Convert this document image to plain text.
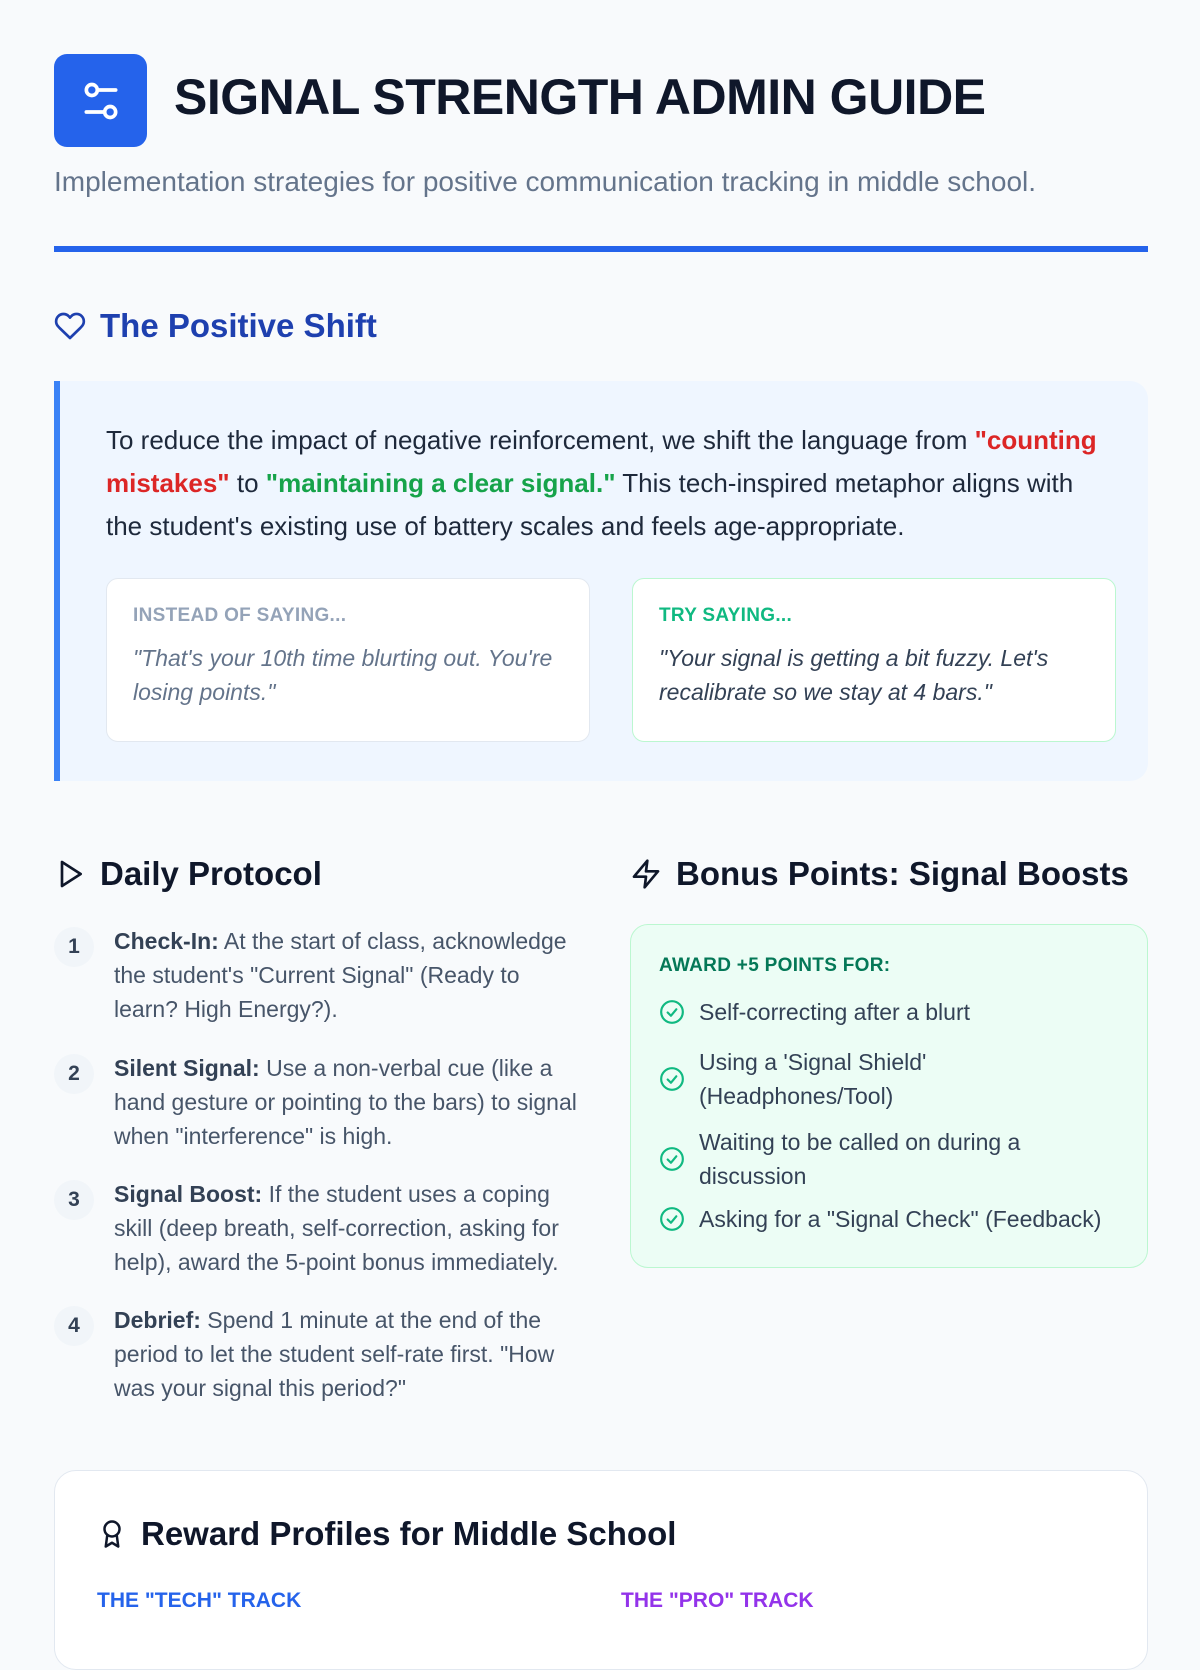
SIGNAL STRENGTH ADMIN GUIDE
Implementation strategies for positive communication tracking in middle school.
The Positive Shift

To reduce the impact of negative reinforcement, we shift the language from "counting mistakes" to "maintaining a clear signal." This tech-inspired metaphor aligns with the student's existing use of battery scales and feels age-appropriate.

INSTEAD OF SAYING...
"That's your 10th time blurting out. You're losing points."
TRY SAYING...
"Your signal is getting a bit fuzzy. Let's recalibrate so we stay at 4 bars."
Daily Protocol
1	Check-In: At the start of class, acknowledge the student's "Current Signal" (Ready to learn? High Energy?).
2	Silent Signal: Use a non-verbal cue (like a hand gesture or pointing to the bars) to signal when "interference" is high.
3	Signal Boost: If the student uses a coping skill (deep breath, self-correction, asking for help), award the 5-point bonus immediately.
4	Debrief: Spend 1 minute at the end of the period to let the student self-rate first. "How was your signal this period?"
Bonus Points: Signal Boosts
AWARD +5 POINTS FOR:
Self-correcting after a blurt
Using a 'Signal Shield' (Headphones/Tool)
Waiting to be called on during a discussion
Asking for a "Signal Check" (Feedback)
Reward Profiles for Middle School
THE "TECH" TRACK	THE "PRO" TRACK
